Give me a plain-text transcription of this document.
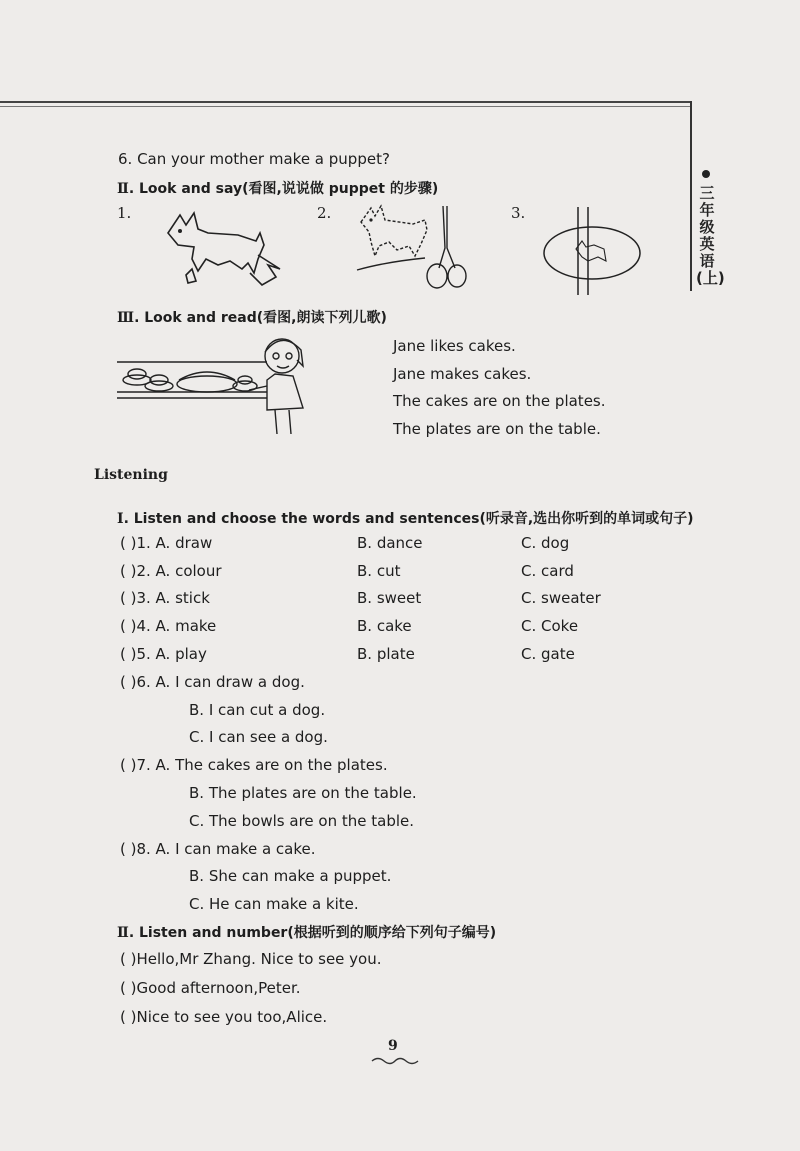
三年级英语(上)
6. Can your mother make a puppet?
Ⅱ. Look and say(看图,说说做 puppet 的步骤)
1.	2.	3.
Ⅲ. Look and read(看图,朗读下列儿歌)
Jane likes cakes.
Jane makes cakes.
The cakes are on the plates.
The plates are on the table.
Listening
Ⅰ. Listen and choose the words and sentences(听录音,选出你听到的单词或句子)
( )1. A. draw	B. dance	C. dog
( )2. A. colour	B. cut	C. card
( )3. A. stick	B. sweet	C. sweater
( )4. A. make	B. cake	C. Coke
( )5. A. play	B. plate	C. gate
( )6. A. I can draw a dog.
B. I can cut a dog.
C. I can see a dog.
( )7. A. The cakes are on the plates.
B. The plates are on the table.
C. The bowls are on the table.
( )8. A. I can make a cake.
B. She can make a puppet.
C. He can make a kite.
Ⅱ. Listen and number(根据听到的顺序给下列句子编号)
( )Hello,Mr Zhang. Nice to see you.
( )Good afternoon,Peter.
( )Nice to see you too,Alice.
9
